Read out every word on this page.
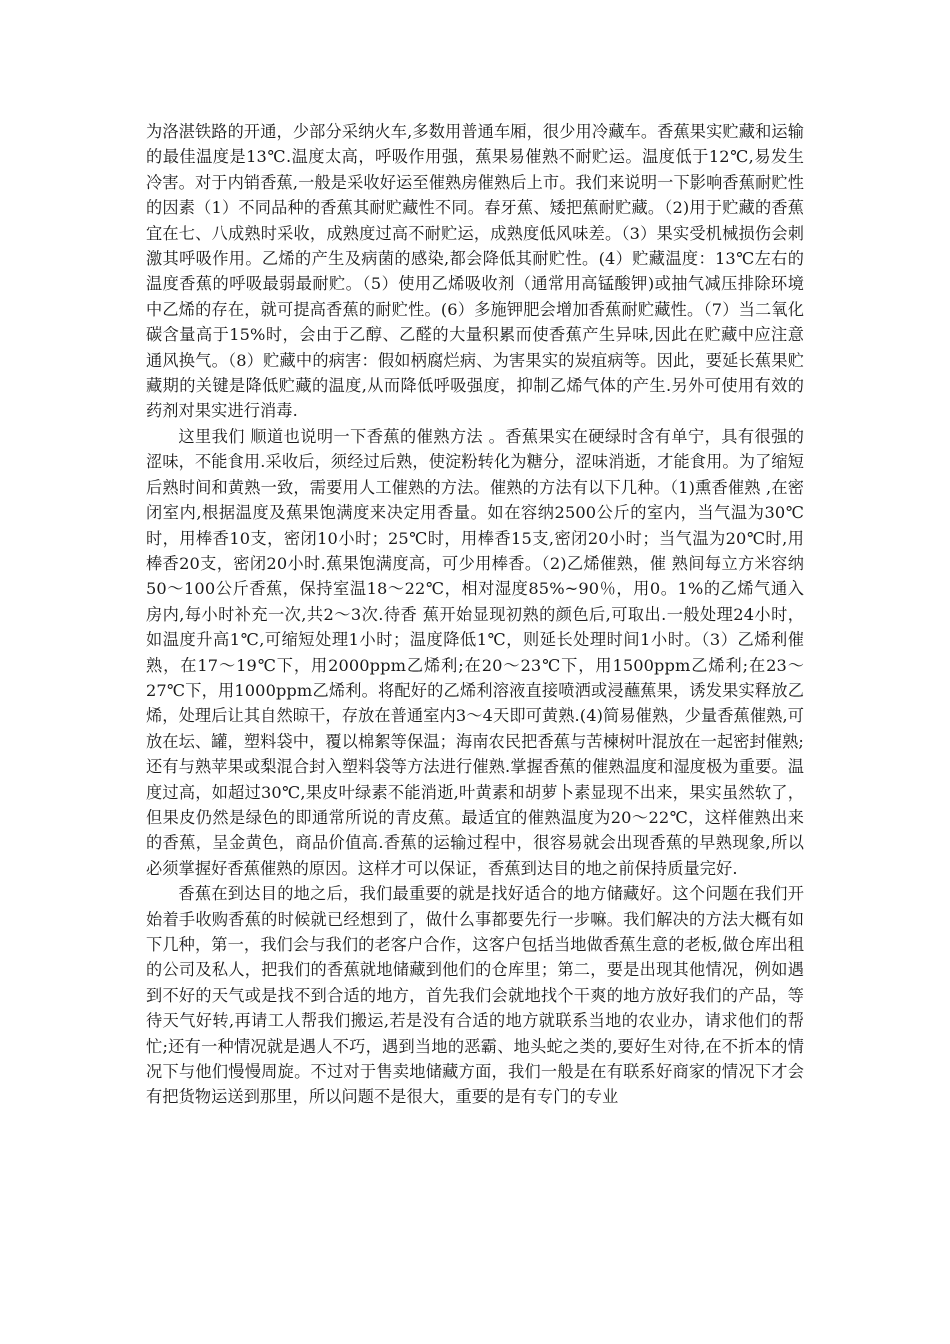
为洛湛铁路的开通，少部分采纳火车,多数用普通车厢，很少用冷藏车。香蕉果实贮藏和运输的最佳温度是13℃.温度太高，呼吸作用强，蕉果易催熟不耐贮运。温度低于12℃,易发生冷害。对于内销香蕉,一般是采收好运至催熟房催熟后上市。我们来说明一下影响香蕉耐贮性的因素（1）不同品种的香蕉其耐贮藏性不同。春牙蕉、矮把蕉耐贮藏。（2)用于贮藏的香蕉宜在七、八成熟时采收，成熟度过高不耐贮运，成熟度低风味差。（3）果实受机械损伤会刺激其呼吸作用。乙烯的产生及病菌的感染,都会降低其耐贮性。(4）贮藏温度：13℃左右的温度香蕉的呼吸最弱最耐贮。（5）使用乙烯吸收剂（通常用高锰酸钾)或抽气减压排除环境中乙烯的存在，就可提高香蕉的耐贮性。(6）多施钾肥会增加香蕉耐贮藏性。（7）当二氧化碳含量高于15%时，会由于乙醇、乙醛的大量积累而使香蕉产生异味,因此在贮藏中应注意通风换气。（8）贮藏中的病害：假如柄腐烂病、为害果实的炭疽病等。因此，要延长蕉果贮藏期的关键是降低贮藏的温度,从而降低呼吸强度，抑制乙烯气体的产生.另外可使用有效的药剂对果实进行消毒.

这里我们 顺道也说明一下香蕉的催熟方法 。香蕉果实在硬绿时含有单宁，具有很强的涩味，不能食用.采收后，须经过后熟，使淀粉转化为糖分，涩味消逝，才能食用。为了缩短后熟时间和黄熟一致，需要用人工催熟的方法。催熟的方法有以下几种。（1)熏香催熟 ,在密闭室内,根据温度及蕉果饱满度来决定用香量。如在容纳2500公斤的室内，当气温为30℃时，用棒香10支，密闭10小时；25℃时，用棒香15支,密闭20小时；当气温为20℃时,用棒香20支，密闭20小时.蕉果饱满度高，可少用棒香。（2)乙烯催熟，催 熟间每立方米容纳50～100公斤香蕉，保持室温18～22℃，相对湿度85%~90％，用0。1%的乙烯气通入房内,每小时补充一次,共2～3次.待香 蕉开始显现初熟的颜色后,可取出.一般处理24小时，如温度升高1℃,可缩短处理1小时；温度降低1℃，则延长处理时间1小时。（3）乙烯利催熟，在17～19℃下，用2000ppm乙烯利;在20～23℃下，用1500ppm乙烯利;在23～27℃下，用1000ppm乙烯利。将配好的乙烯利溶液直接喷洒或浸蘸蕉果，诱发果实释放乙烯，处理后让其自然晾干，存放在普通室内3～4天即可黄熟.(4)简易催熟，少量香蕉催熟,可放在坛、罐，塑料袋中，覆以棉絮等保温；海南农民把香蕉与苦楝树叶混放在一起密封催熟;还有与熟苹果或梨混合封入塑料袋等方法进行催熟.掌握香蕉的催熟温度和湿度极为重要。温度过高，如超过30℃,果皮叶绿素不能消逝,叶黄素和胡萝卜素显现不出来，果实虽然软了，但果皮仍然是绿色的即通常所说的青皮蕉。最适宜的催熟温度为20～22℃，这样催熟出来的香蕉，呈金黄色，商品价值高.香蕉的运输过程中，很容易就会出现香蕉的早熟现象,所以必须掌握好香蕉催熟的原因。这样才可以保证，香蕉到达目的地之前保持质量完好.

香蕉在到达目的地之后，我们最重要的就是找好适合的地方储藏好。这个问题在我们开始着手收购香蕉的时候就已经想到了，做什么事都要先行一步嘛。我们解决的方法大概有如下几种，第一，我们会与我们的老客户合作，这客户包括当地做香蕉生意的老板,做仓库出租的公司及私人，把我们的香蕉就地储藏到他们的仓库里；第二，要是出现其他情况，例如遇到不好的天气或是找不到合适的地方，首先我们会就地找个干爽的地方放好我们的产品，等待天气好转,再请工人帮我们搬运,若是没有合适的地方就联系当地的农业办，请求他们的帮忙;还有一种情况就是遇人不巧，遇到当地的恶霸、地头蛇之类的,要好生对待,在不折本的情况下与他们慢慢周旋。不过对于售卖地储藏方面，我们一般是在有联系好商家的情况下才会有把货物运送到那里，所以问题不是很大，重要的是有专门的专业
